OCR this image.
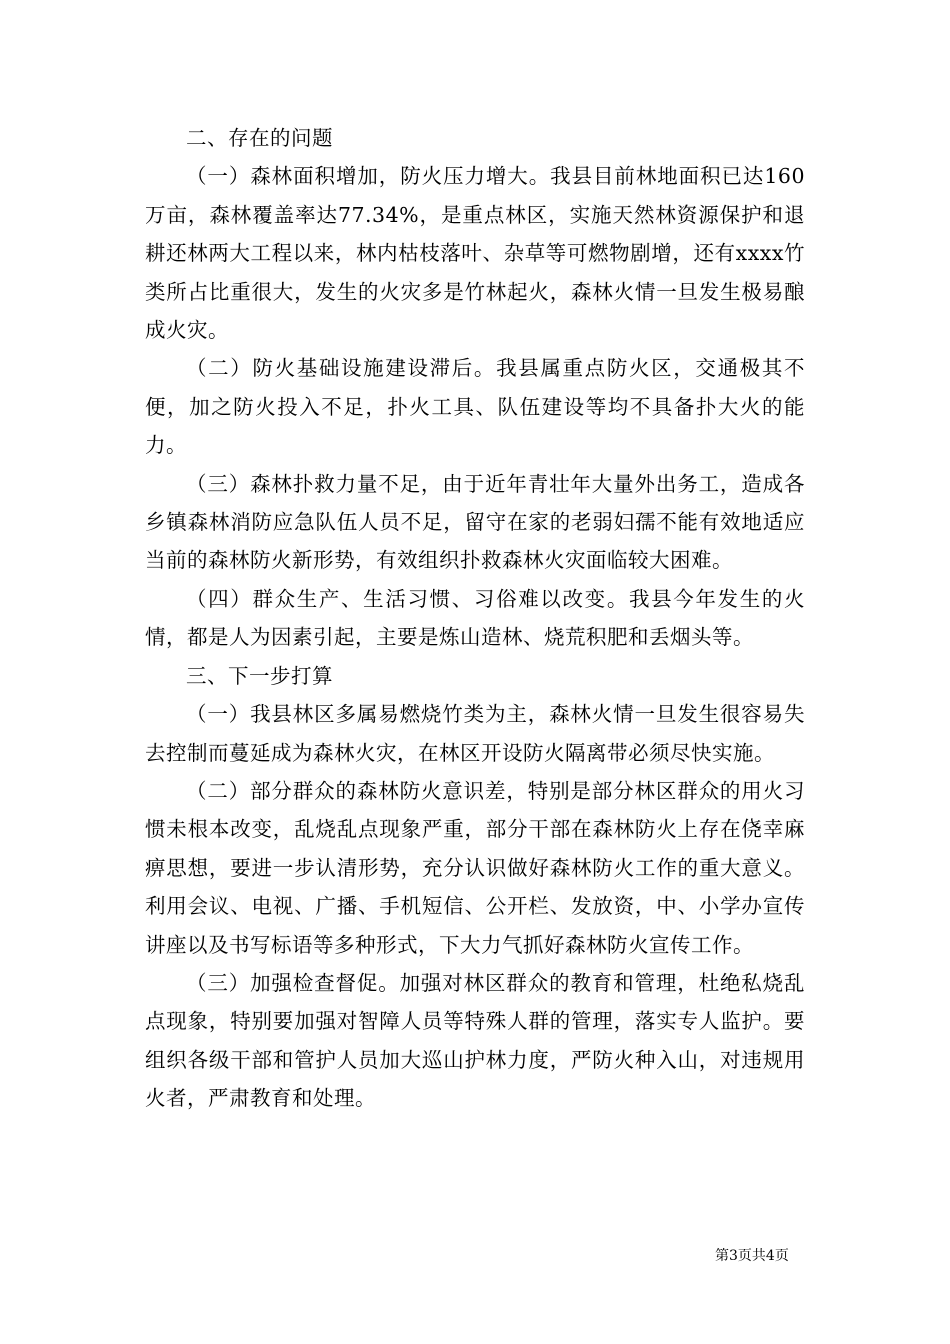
二、存在的问题

（一）森林面积增加，防火压力增大。我县目前林地面积已达160万亩，森林覆盖率达77.34%，是重点林区，实施天然林资源保护和退耕还林两大工程以来，林内枯枝落叶、杂草等可燃物剧增，还有xxxx竹类所占比重很大，发生的火灾多是竹林起火，森林火情一旦发生极易酿成火灾。

（二）防火基础设施建设滞后。我县属重点防火区，交通极其不便，加之防火投入不足，扑火工具、队伍建设等均不具备扑大火的能力。

（三）森林扑救力量不足，由于近年青壮年大量外出务工，造成各乡镇森林消防应急队伍人员不足，留守在家的老弱妇孺不能有效地适应当前的森林防火新形势，有效组织扑救森林火灾面临较大困难。

（四）群众生产、生活习惯、习俗难以改变。我县今年发生的火情，都是人为因素引起，主要是炼山造林、烧荒积肥和丢烟头等。

三、下一步打算

（一）我县林区多属易燃烧竹类为主，森林火情一旦发生很容易失去控制而蔓延成为森林火灾，在林区开设防火隔离带必须尽快实施。

（二）部分群众的森林防火意识差，特别是部分林区群众的用火习惯未根本改变，乱烧乱点现象严重，部分干部在森林防火上存在侥幸麻痹思想，要进一步认清形势，充分认识做好森林防火工作的重大意义。利用会议、电视、广播、手机短信、公开栏、发放资，中、小学办宣传讲座以及书写标语等多种形式，下大力气抓好森林防火宣传工作。

（三）加强检查督促。加强对林区群众的教育和管理，杜绝私烧乱点现象，特别要加强对智障人员等特殊人群的管理，落实专人监护。要组织各级干部和管护人员加大巡山护林力度，严防火种入山，对违规用火者，严肃教育和处理。

第3页共4页
